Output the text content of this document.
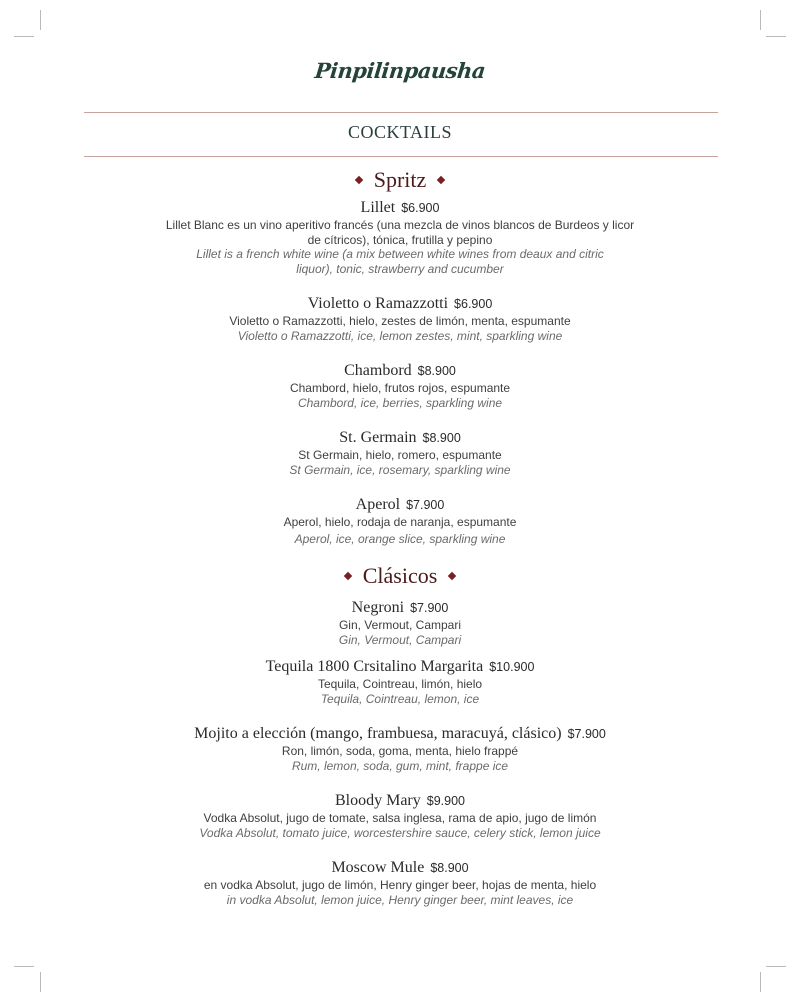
Pinpilinpausha
COCKTAILS
Spritz
Lillet $6.900
Lillet Blanc es un vino aperitivo francés (una mezcla de vinos blancos de Burdeos y licor de cítricos), tónica, frutilla y pepino
Lillet is a french white wine (a mix between white wines from deaux and citric liquor), tonic, strawberry and cucumber
Violetto o Ramazzotti $6.900
Violetto o Ramazzotti, hielo, zestes de limón, menta, espumante
Violetto o Ramazzotti, ice, lemon zestes, mint, sparkling wine
Chambord $8.900
Chambord, hielo, frutos rojos, espumante
Chambord, ice, berries, sparkling wine
St. Germain $8.900
St Germain, hielo, romero, espumante
St Germain, ice, rosemary, sparkling wine
Aperol $7.900
Aperol, hielo, rodaja de naranja, espumante
Aperol, ice, orange slice, sparkling wine
Clásicos
Negroni $7.900
Gin, Vermout, Campari
Gin, Vermout, Campari
Tequila 1800 Crsitalino Margarita $10.900
Tequila, Cointreau, limón, hielo
Tequila, Cointreau, lemon, ice
Mojito a elección (mango, frambuesa, maracuyá, clásico) $7.900
Ron, limón, soda, goma, menta, hielo frappé
Rum, lemon, soda, gum, mint, frappe ice
Bloody Mary $9.900
Vodka Absolut, jugo de tomate, salsa inglesa, rama de apio, jugo de limón
Vodka Absolut, tomato juice, worcestershire sauce, celery stick, lemon juice
Moscow Mule $8.900
en vodka Absolut, jugo de limón, Henry ginger beer, hojas de menta, hielo
in vodka Absolut, lemon juice, Henry ginger beer, mint leaves, ice
